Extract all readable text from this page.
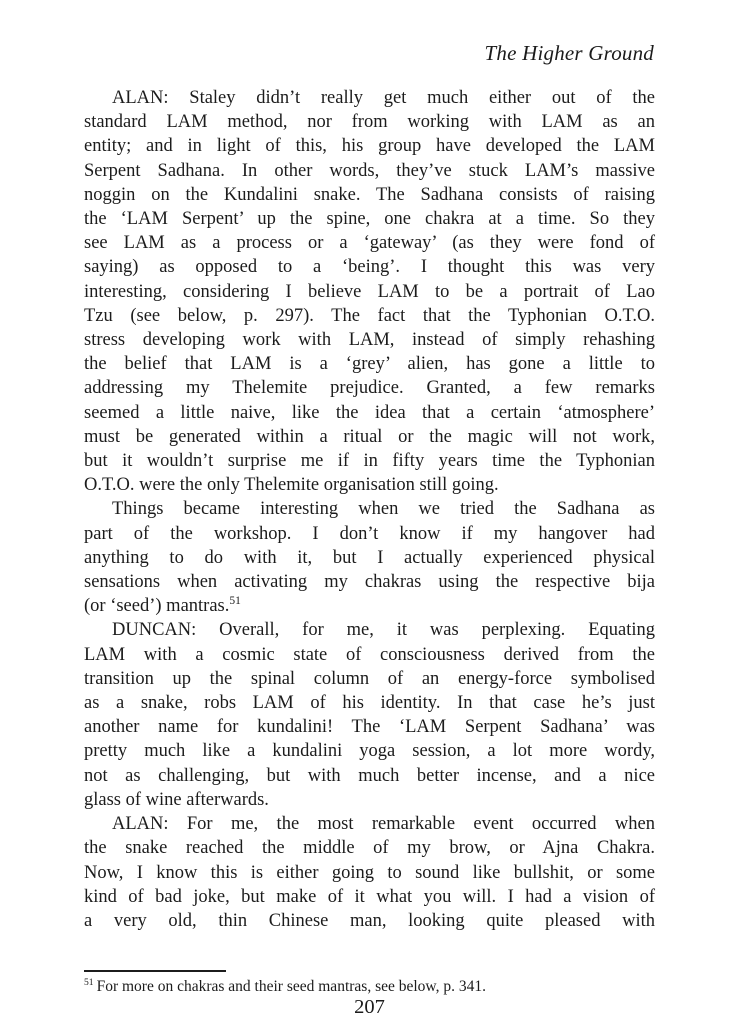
The Higher Ground
ALAN: Staley didn’t really get much either out of the
standard LAM method, nor from working with LAM as an
entity; and in light of this, his group have developed the LAM
Serpent Sadhana. In other words, they’ve stuck LAM’s massive
noggin on the Kundalini snake. The Sadhana consists of raising
the ‘LAM Serpent’ up the spine, one chakra at a time. So they
see LAM as a process or a ‘gateway’ (as they were fond of
saying) as opposed to a ‘being’. I thought this was very
interesting, considering I believe LAM to be a portrait of Lao
Tzu (see below, p. 297). The fact that the Typhonian O.T.O.
stress developing work with LAM, instead of simply rehashing
the belief that LAM is a ‘grey’ alien, has gone a little to
addressing my Thelemite prejudice. Granted, a few remarks
seemed a little naive, like the idea that a certain ‘atmosphere’
must be generated within a ritual or the magic will not work,
but it wouldn’t surprise me if in fifty years time the Typhonian
O.T.O. were the only Thelemite organisation still going.
Things became interesting when we tried the Sadhana as
part of the workshop. I don’t know if my hangover had
anything to do with it, but I actually experienced physical
sensations when activating my chakras using the respective bija
(or ‘seed’) mantras.$^{51}$
DUNCAN: Overall, for me, it was perplexing. Equating
LAM with a cosmic state of consciousness derived from the
transition up the spinal column of an energy-force symbolised
as a snake, robs LAM of his identity. In that case he’s just
another name for kundalini! The ‘LAM Serpent Sadhana’ was
pretty much like a kundalini yoga session, a lot more wordy,
not as challenging, but with much better incense, and a nice
glass of wine afterwards.
ALAN: For me, the most remarkable event occurred when
the snake reached the middle of my brow, or Ajna Chakra.
Now, I know this is either going to sound like bullshit, or some
kind of bad joke, but make of it what you will. I had a vision of
a very old, thin Chinese man, looking quite pleased with
$^{51}$ For more on chakras and their seed mantras, see below, p. 341.
207
